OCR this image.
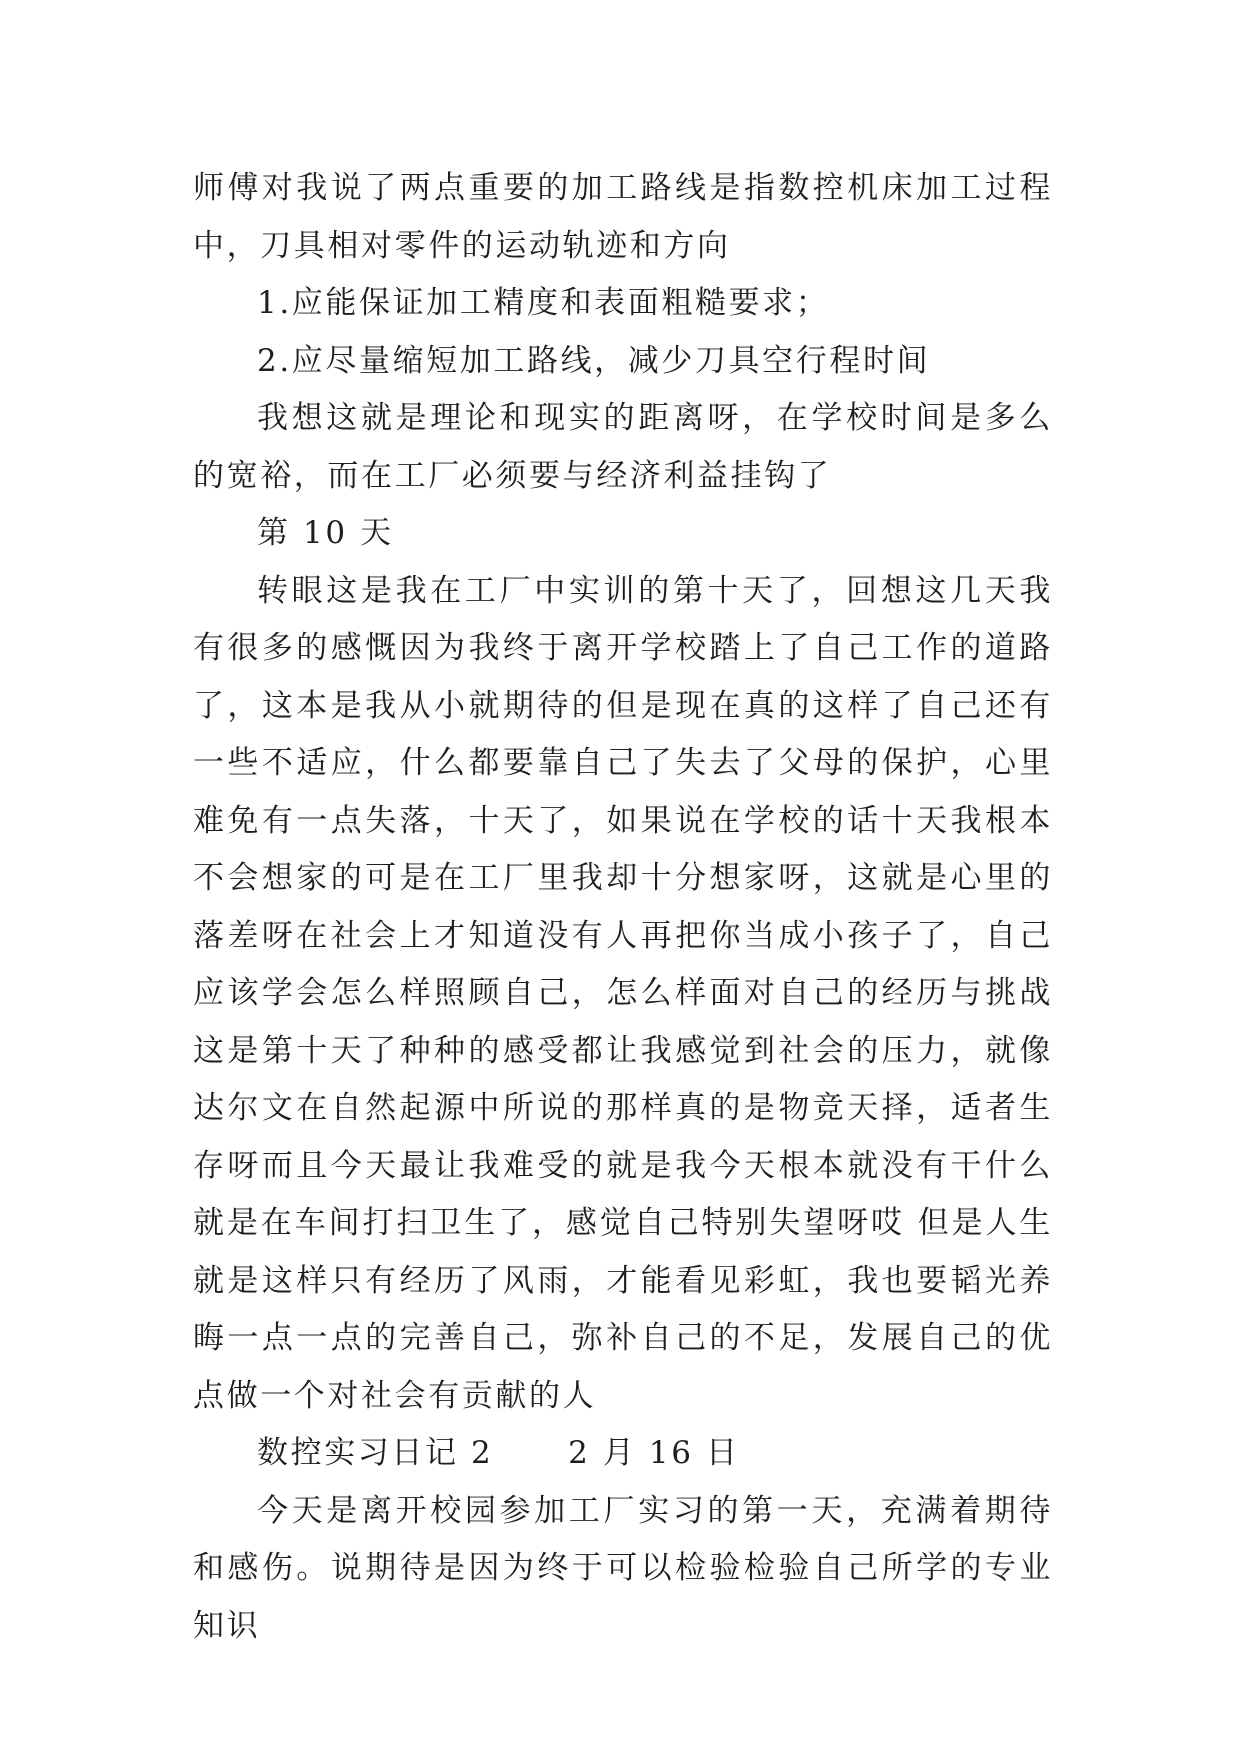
师傅对我说了两点重要的加工路线是指数控机床加工过程中，刀具相对零件的运动轨迹和方向

1.应能保证加工精度和表面粗糙要求；

2.应尽量缩短加工路线，减少刀具空行程时间

我想这就是理论和现实的距离呀，在学校时间是多么的宽裕，而在工厂必须要与经济利益挂钩了

第 10 天

转眼这是我在工厂中实训的第十天了，回想这几天我有很多的感慨因为我终于离开学校踏上了自己工作的道路了，这本是我从小就期待的但是现在真的这样了自己还有一些不适应，什么都要靠自己了失去了父母的保护，心里难免有一点失落，十天了，如果说在学校的话十天我根本不会想家的可是在工厂里我却十分想家呀，这就是心里的落差呀在社会上才知道没有人再把你当成小孩子了，自己应该学会怎么样照顾自己，怎么样面对自己的经历与挑战这是第十天了种种的感受都让我感觉到社会的压力，就像达尔文在自然起源中所说的那样真的是物竞天择，适者生存呀而且今天最让我难受的就是我今天根本就没有干什么就是在车间打扫卫生了，感觉自己特别失望呀哎 但是人生就是这样只有经历了风雨，才能看见彩虹，我也要韬光养晦一点一点的完善自己，弥补自己的不足，发展自己的优点做一个对社会有贡献的人

数控实习日记 2      2 月 16 日

今天是离开校园参加工厂实习的第一天，充满着期待和感伤。说期待是因为终于可以检验检验自己所学的专业知识
